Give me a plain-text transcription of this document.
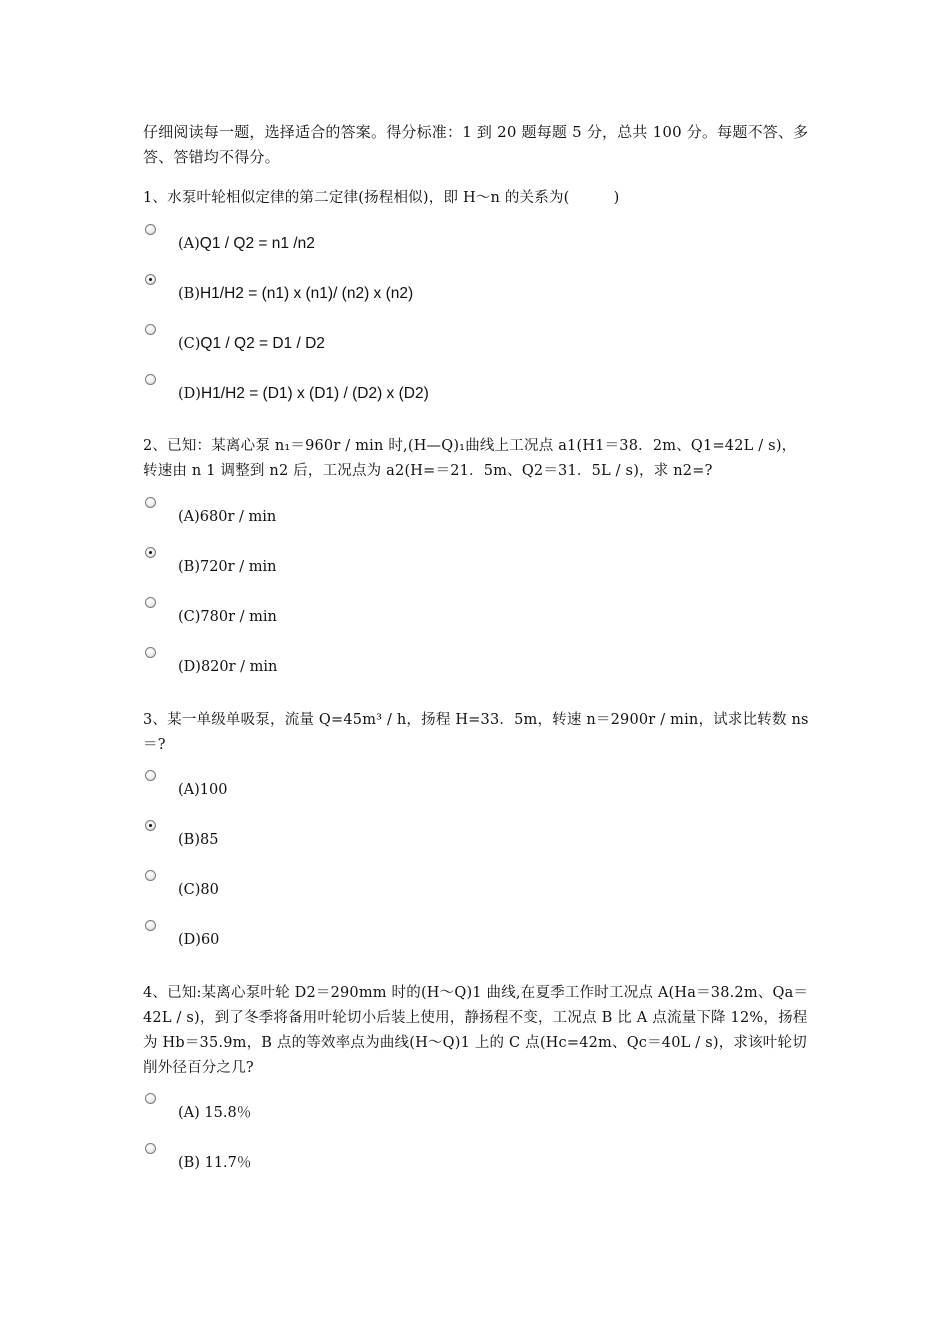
仔细阅读每一题，选择适合的答案。得分标准：1 到 20 题每题 5 分，总共 100 分。每题不答、多答、答错均不得分。
1、水泵叶轮相似定律的第二定律(扬程相似)，即 H～n 的关系为(　　　)
(A)Q1 / Q2 = n1 /n2
(B)H1/H2 = (n1) x (n1)/ (n2) x (n2)
(C)Q1 / Q2 = D1 / D2
(D)H1/H2 = (D1) x (D1) / (D2) x (D2)
2、已知：某离心泵 n₁＝960r / min 时,(H—Q)₁曲线上工况点 a1(H1＝38．2m、Q1=42L / s)，转速由 n 1 调整到 n2 后，工况点为 a2(H=＝21．5m、Q2＝31．5L / s)，求 n2=?
(A)680r / min
(B)720r / min
(C)780r / min
(D)820r / min
3、某一单级单吸泵，流量 Q=45m³ / h，扬程 H=33．5m，转速 n＝2900r / min，试求比转数 ns＝?
(A)100
(B)85
(C)80
(D)60
4、已知:某离心泵叶轮 D2＝290mm 时的(H～Q)1 曲线,在夏季工作时工况点 A(Ha＝38.2m、Qa＝42L / s)，到了冬季将备用叶轮切小后装上使用，静扬程不变，工况点 B 比 A 点流量下降 12%，扬程为 Hb＝35.9m，B 点的等效率点为曲线(H～Q)1 上的 C 点(Hc=42m、Qc＝40L / s)，求该叶轮切削外径百分之几?
(A) 15.8％
(B) 11.7％
